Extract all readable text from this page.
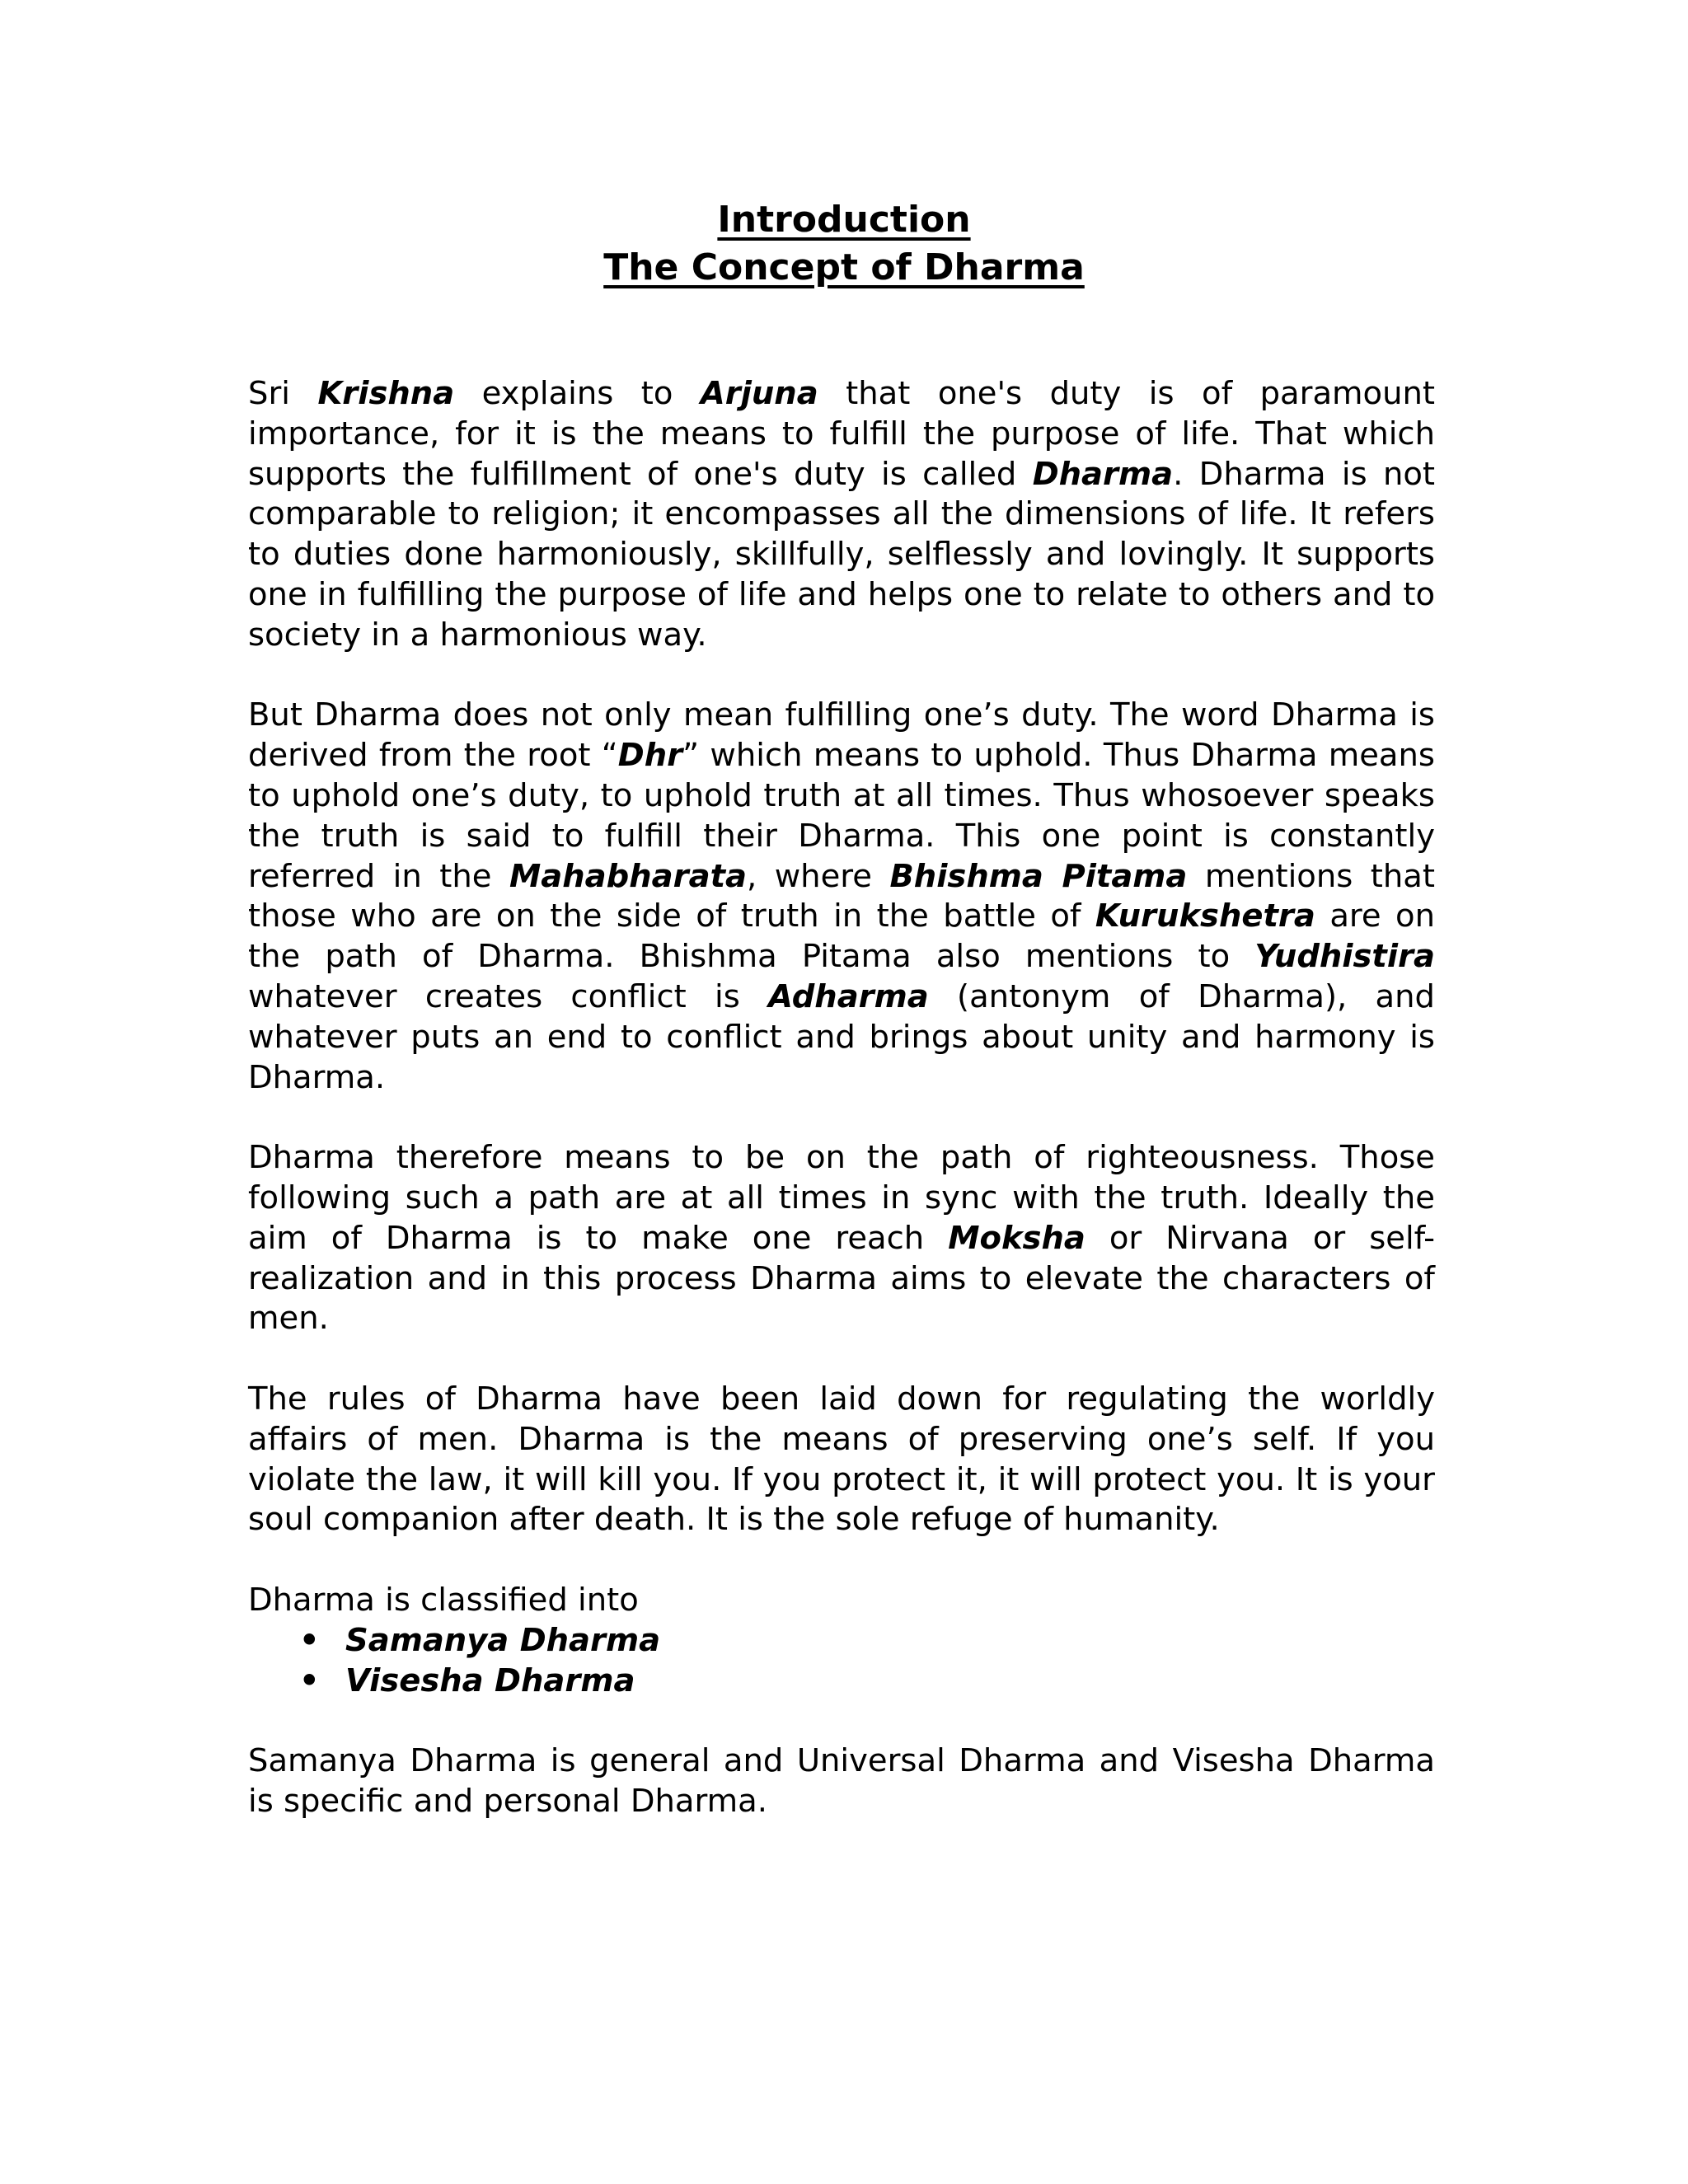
Introduction
The Concept of Dharma

Sri Krishna explains to Arjuna that one's duty is of paramount importance, for it is the means to fulfill the purpose of life. That which supports the fulfillment of one's duty is called Dharma. Dharma is not comparable to religion; it encompasses all the dimensions of life. It refers to duties done harmoniously, skillfully, selflessly and lovingly. It supports one in fulfilling the purpose of life and helps one to relate to others and to society in a harmonious way.

But Dharma does not only mean fulfilling one’s duty. The word Dharma is derived from the root “Dhr” which means to uphold. Thus Dharma means to uphold one’s duty, to uphold truth at all times. Thus whosoever speaks the truth is said to fulfill their Dharma. This one point is constantly referred in the Mahabharata, where Bhishma Pitama mentions that those who are on the side of truth in the battle of Kurukshetra are on the path of Dharma. Bhishma Pitama also mentions to Yudhistira whatever creates conflict is Adharma (antonym of Dharma), and whatever puts an end to conflict and brings about unity and harmony is Dharma.

Dharma therefore means to be on the path of righteousness. Those following such a path are at all times in sync with the truth. Ideally the aim of Dharma is to make one reach Moksha or Nirvana or self-realization and in this process Dharma aims to elevate the characters of men.

The rules of Dharma have been laid down for regulating the worldly affairs of men. Dharma is the means of preserving one’s self. If you violate the law, it will kill you. If you protect it, it will protect you. It is your soul companion after death. It is the sole refuge of humanity.

Dharma is classified into

• Samanya Dharma
• Visesha Dharma

Samanya Dharma is general and Universal Dharma and Visesha Dharma is specific and personal Dharma.
